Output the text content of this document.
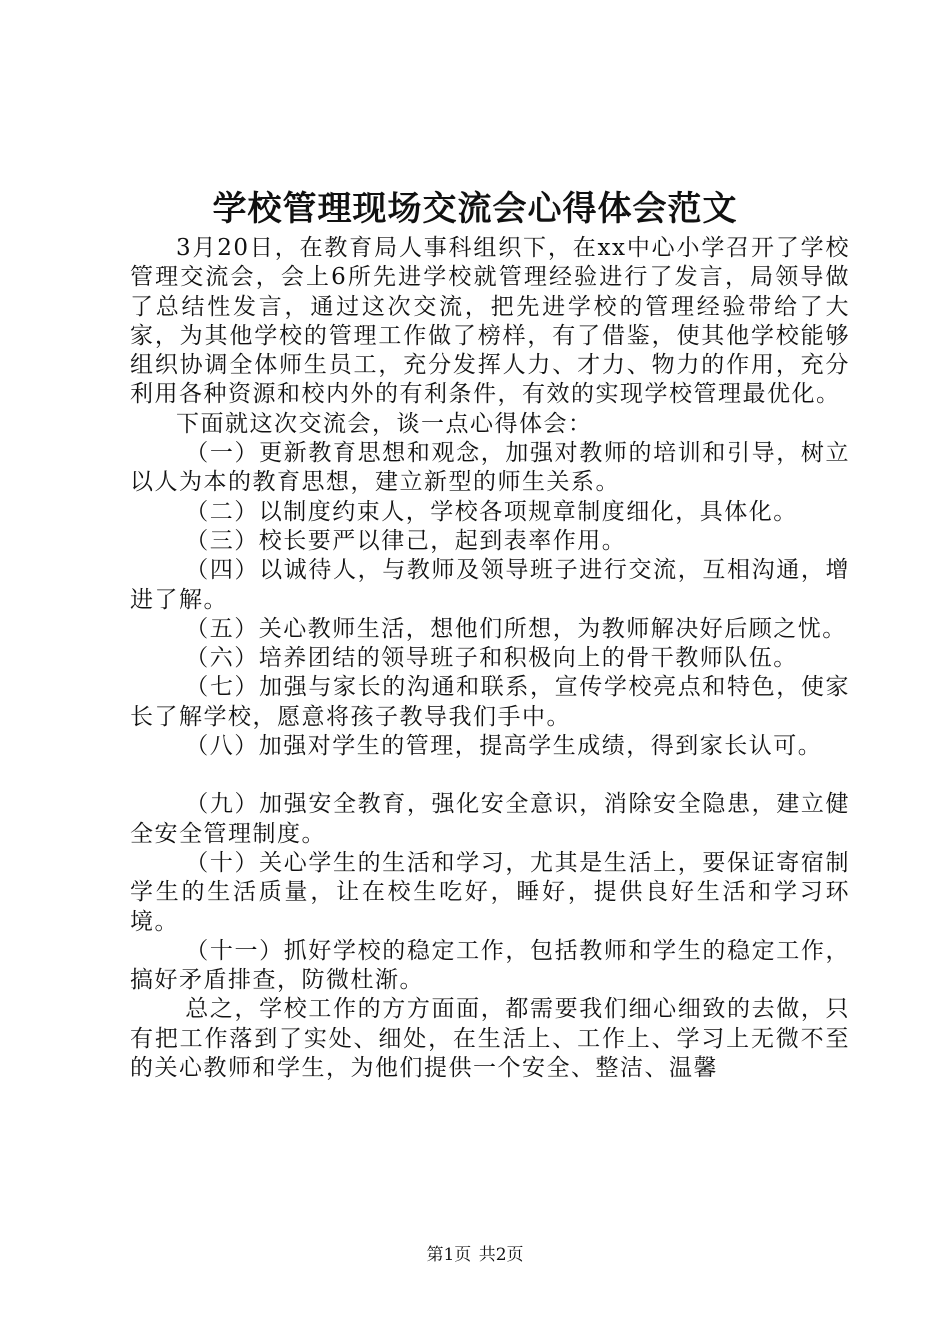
学校管理现场交流会心得体会范文

3月20日，在教育局人事科组织下，在xx中心小学召开了学校管理交流会，会上6所先进学校就管理经验进行了发言，局领导做了总结性发言，通过这次交流，把先进学校的管理经验带给了大家，为其他学校的管理工作做了榜样，有了借鉴，使其他学校能够组织协调全体师生员工，充分发挥人力、才力、物力的作用，充分利用各种资源和校内外的有利条件，有效的实现学校管理最优化。

下面就这次交流会，谈一点心得体会：

（一）更新教育思想和观念，加强对教师的培训和引导，树立以人为本的教育思想，建立新型的师生关系。

（二）以制度约束人，学校各项规章制度细化，具体化。

（三）校长要严以律己，起到表率作用。

（四）以诚待人，与教师及领导班子进行交流，互相沟通，增进了解。

（五）关心教师生活，想他们所想，为教师解决好后顾之忧。

（六）培养团结的领导班子和积极向上的骨干教师队伍。

（七）加强与家长的沟通和联系，宣传学校亮点和特色，使家长了解学校，愿意将孩子教导我们手中。

（八）加强对学生的管理，提高学生成绩，得到家长认可。

（九）加强安全教育，强化安全意识，消除安全隐患，建立健全安全管理制度。

（十）关心学生的生活和学习，尤其是生活上，要保证寄宿制学生的生活质量，让在校生吃好，睡好，提供良好生活和学习环境。

（十一）抓好学校的稳定工作，包括教师和学生的稳定工作，搞好矛盾排查，防微杜渐。

总之，学校工作的方方面面，都需要我们细心细致的去做，只有把工作落到了实处、细处，在生活上、工作上、学习上无微不至的关心教师和学生，为他们提供一个安全、整洁、温馨

第1页 共2页
